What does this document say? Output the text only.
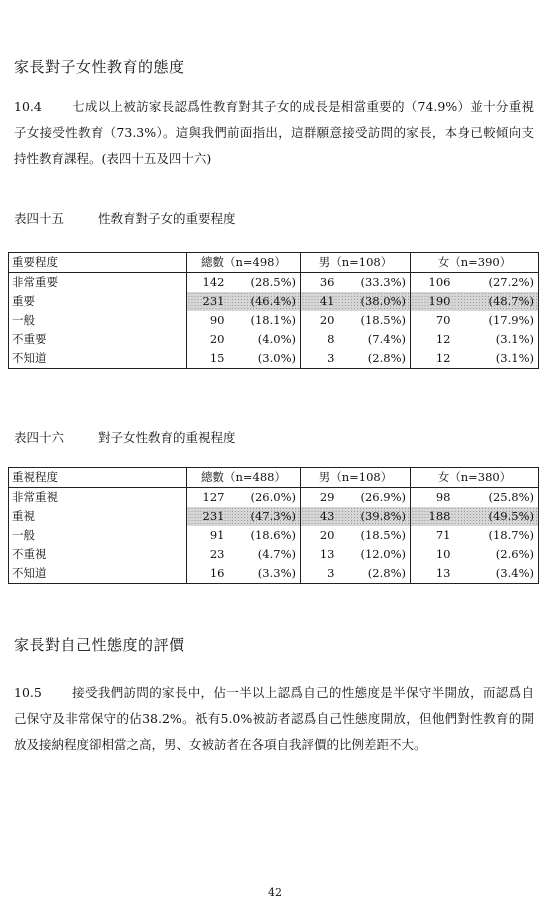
家長對子女性教育的態度
10.4 七成以上被訪家長認爲性教育對其子女的成長是相當重要的（74.9%）並十分重視子女接受性教育（73.3%）。這與我們前面指出，這群願意接受訪問的家長，本身已較傾向支持性教育課程。(表四十五及四十六)
表四十五	性敎育對子女的重要程度
重要程度	總數（n=498）		男（n=108）		女（n=390）	
非常重要	142	(28.5%)	36	(33.3%)	106	(27.2%)
重要	231	(46.4%)	41	(38.0%)	190	(48.7%)
一般	90	(18.1%)	20	(18.5%)	70	(17.9%)
不重要	20	(4.0%)	8	(7.4%)	12	(3.1%)
不知道	15	(3.0%)	3	(2.8%)	12	(3.1%)
表四十六	對子女性敎育的重視程度
重視程度	總數（n=488）		男（n=108）		女（n=380）	
非常重視	127	(26.0%)	29	(26.9%)	98	(25.8%)
重視	231	(47.3%)	43	(39.8%)	188	(49.5%)
一般	91	(18.6%)	20	(18.5%)	71	(18.7%)
不重視	23	(4.7%)	13	(12.0%)	10	(2.6%)
不知道	16	(3.3%)	3	(2.8%)	13	(3.4%)
家長對自己性態度的評價
10.5 接受我們訪問的家長中，佔一半以上認爲自己的性態度是半保守半開放，而認爲自己保守及非常保守的佔38.2%。祇有5.0%被訪者認爲自己性態度開放，但他們對性教育的開放及接納程度卻相當之高，男、女被訪者在各項自我評價的比例差距不大。
42
